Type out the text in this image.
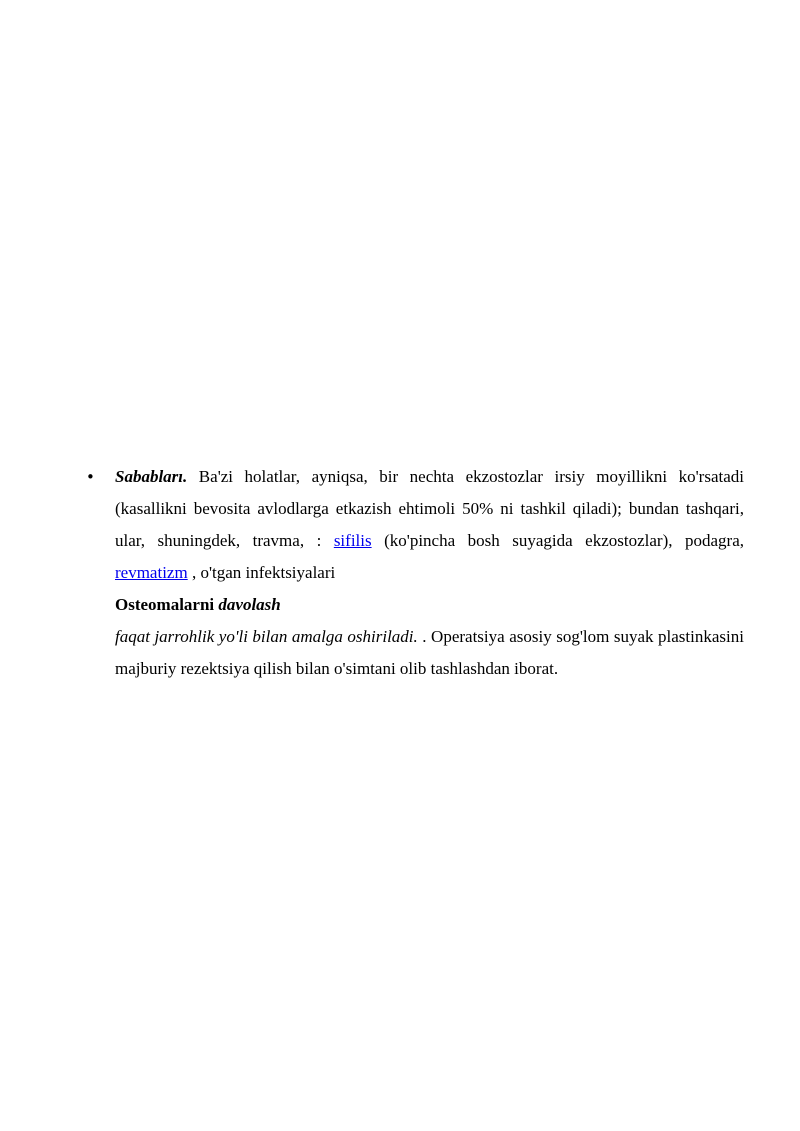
•	Sababları. Ba'zi holatlar, ayniqsa, bir nechta ekzostozlar irsiy moyillikni ko'rsatadi (kasallikni bevosita avlodlarga etkazish ehtimoli 50% ni tashkil qiladi); bundan tashqari, ular, shuningdek, travma, : sifilis (ko'pincha bosh suyagida ekzostozlar), podagra, revmatizm , o'tgan infektsiyalari
Osteomalarni davolash
faqat jarrohlik yo'li bilan amalga oshiriladi. . Operatsiya asosiy sog'lom suyak plastinkasini majburiy rezektsiya qilish bilan o'simtani olib tashlashdan iborat.
